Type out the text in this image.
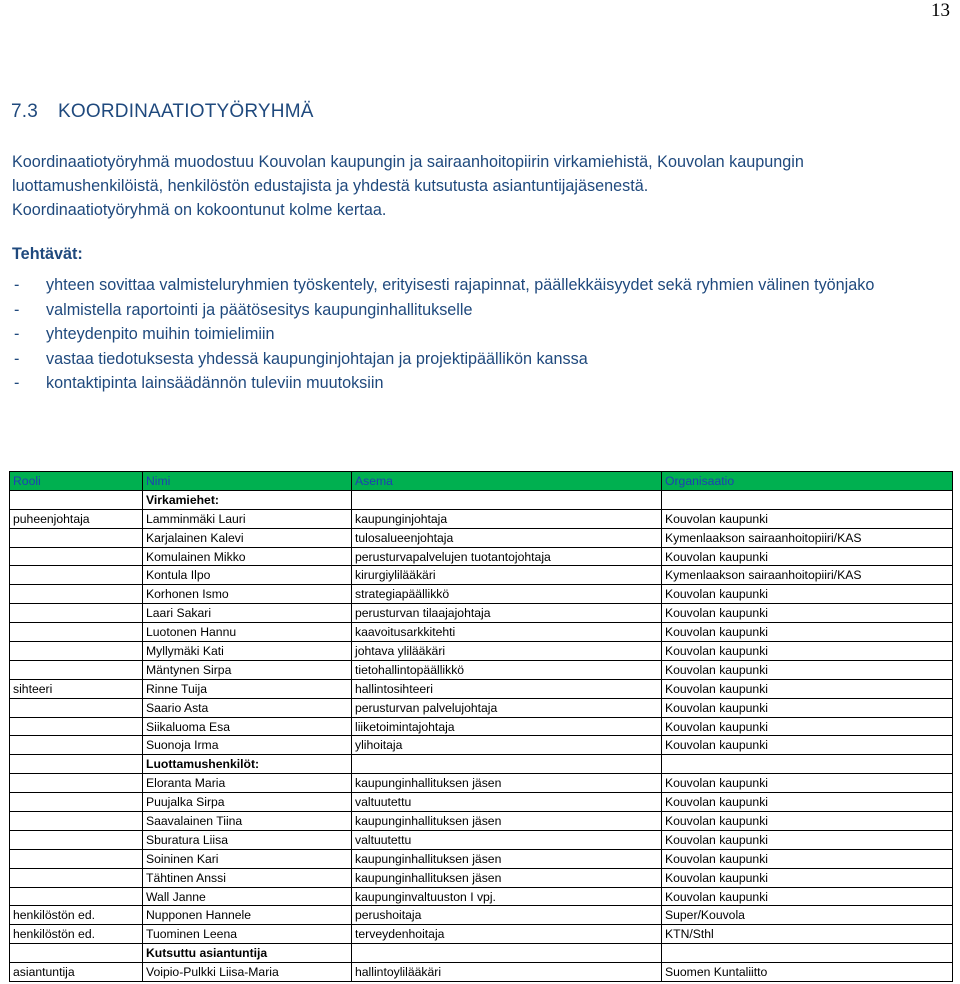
13
7.3 KOORDINAATIOTYÖRYHMÄ

Koordinaatiotyöryhmä muodostuu Kouvolan kaupungin ja sairaanhoitopiirin virkamiehistä, Kouvolan kaupungin luottamushenkilöistä, henkilöstön edustajista ja yhdestä kutsutusta asiantuntijajäsenestä.
Koordinaatiotyöryhmä on kokoontunut kolme kertaa.

Tehtävät:

- yhteen sovittaa valmisteluryhmien työskentely, erityisesti rajapinnat, päällekkäisyydet sekä ryhmien välinen työnjako
- valmistella raportointi ja päätösesitys kaupunginhallitukselle
- yhteydenpito muihin toimielimiin
- vastaa tiedotuksesta yhdessä kaupunginjohtajan ja projektipäällikön kanssa
- kontaktipinta lainsäädännön tuleviin muutoksiin
Rooli	Nimi	Asema	Organisaatio
	Virkamiehet:		
puheenjohtaja	Lamminmäki Lauri	kaupunginjohtaja	Kouvolan kaupunki
	Karjalainen Kalevi	tulosalueenjohtaja	Kymenlaakson sairaanhoitopiiri/KAS
	Komulainen Mikko	perusturvapalvelujen tuotantojohtaja	Kouvolan kaupunki
	Kontula Ilpo	kirurgiylilääkäri	Kymenlaakson sairaanhoitopiiri/KAS
	Korhonen Ismo	strategiapäällikkö	Kouvolan kaupunki
	Laari Sakari	perusturvan tilaajajohtaja	Kouvolan kaupunki
	Luotonen Hannu	kaavoitusarkkitehti	Kouvolan kaupunki
	Myllymäki Kati	johtava ylilääkäri	Kouvolan kaupunki
	Mäntynen Sirpa	tietohallintopäällikkö	Kouvolan kaupunki
sihteeri	Rinne Tuija	hallintosihteeri	Kouvolan kaupunki
	Saario Asta	perusturvan palvelujohtaja	Kouvolan kaupunki
	Siikaluoma Esa	liiketoimintajohtaja	Kouvolan kaupunki
	Suonoja Irma	ylihoitaja	Kouvolan kaupunki
	Luottamushenkilöt:		
	Eloranta Maria	kaupunginhallituksen jäsen	Kouvolan kaupunki
	Puujalka Sirpa	valtuutettu	Kouvolan kaupunki
	Saavalainen Tiina	kaupunginhallituksen jäsen	Kouvolan kaupunki
	Sburatura Liisa	valtuutettu	Kouvolan kaupunki
	Soininen Kari	kaupunginhallituksen jäsen	Kouvolan kaupunki
	Tähtinen Anssi	kaupunginhallituksen jäsen	Kouvolan kaupunki
	Wall Janne	kaupunginvaltuuston I vpj.	Kouvolan kaupunki
henkilöstön ed.	Nupponen Hannele	perushoitaja	Super/Kouvola
henkilöstön ed.	Tuominen Leena	terveydenhoitaja	KTN/Sthl
	Kutsuttu asiantuntija		
asiantuntija	Voipio-Pulkki Liisa-Maria	hallintoylilääkäri	Suomen Kuntaliitto
